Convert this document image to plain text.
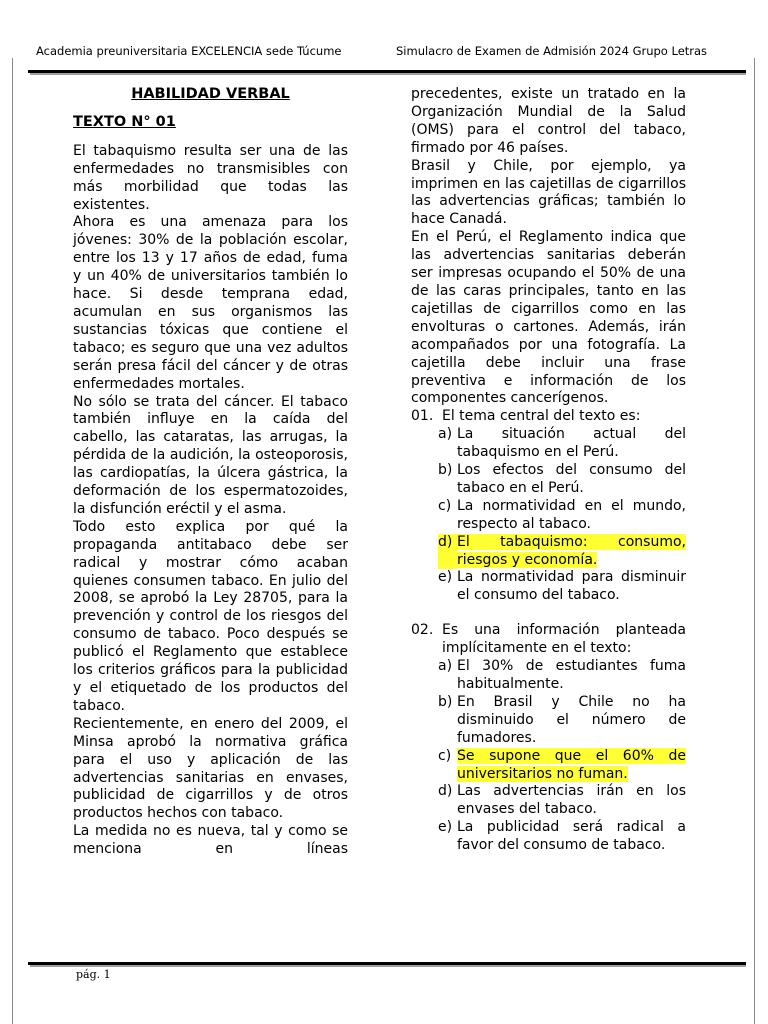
Academia preuniversitaria EXCELENCIA sede Túcume	Simulacro de Examen de Admisión 2024 Grupo Letras
HABILIDAD VERBAL
TEXTO N° 01

El tabaquismo resulta ser una de las enfermedades no transmisibles con más morbilidad que todas las existentes.

Ahora es una amenaza para los jóvenes: 30% de la población escolar, entre los 13 y 17 años de edad, fuma y un 40% de universitarios también lo hace. Si desde temprana edad, acumulan en sus organismos las sustancias tóxicas que contiene el tabaco; es seguro que una vez adultos serán presa fácil del cáncer y de otras enfermedades mortales.

No sólo se trata del cáncer. El tabaco también influye en la caída del cabello, las cataratas, las arrugas, la pérdida de la audición, la osteoporosis, las cardiopatías, la úlcera gástrica, la deformación de los espermatozoides, la disfunción eréctil y el asma.

Todo esto explica por qué la propaganda antitabaco debe ser radical y mostrar cómo acaban quienes consumen tabaco. En julio del 2008, se aprobó la Ley 28705, para la prevención y control de los riesgos del consumo de tabaco. Poco después se publicó el Reglamento que establece los criterios gráficos para la publicidad y el etiquetado de los productos del tabaco.

Recientemente, en enero del 2009, el Minsa aprobó la normativa gráfica para el uso y aplicación de las advertencias sanitarias en envases, publicidad de cigarrillos y de otros productos hechos con tabaco.

La medida no es nueva, tal y como se menciona en líneas

precedentes, existe un tratado en la Organización Mundial de la Salud (OMS) para el control del tabaco, firmado por 46 países.

Brasil y Chile, por ejemplo, ya imprimen en las cajetillas de cigarrillos las advertencias gráficas; también lo hace Canadá.

En el Perú, el Reglamento indica que las advertencias sanitarias deberán ser impresas ocupando el 50% de una de las caras principales, tanto en las cajetillas de cigarrillos como en las envolturas o cartones. Además, irán acompañados por una fotografía. La cajetilla debe incluir una frase preventiva e información de los componentes cancerígenos.

01. El tema central del texto es:
a) La situación actual del tabaquismo en el Perú.
b) Los efectos del consumo del tabaco en el Perú.
c) La normatividad en el mundo, respecto al tabaco.
d) El tabaquismo: consumo, riesgos y economía.
e) La normatividad para disminuir el consumo del tabaco.
02. Es una información planteada implícitamente en el texto:
a) El 30% de estudiantes fuma habitualmente.
b) En Brasil y Chile no ha disminuido el número de fumadores.
c) Se supone que el 60% de universitarios no fuman.
d) Las advertencias irán en los envases del tabaco.
e) La publicidad será radical a favor del consumo de tabaco.
pág. 1
